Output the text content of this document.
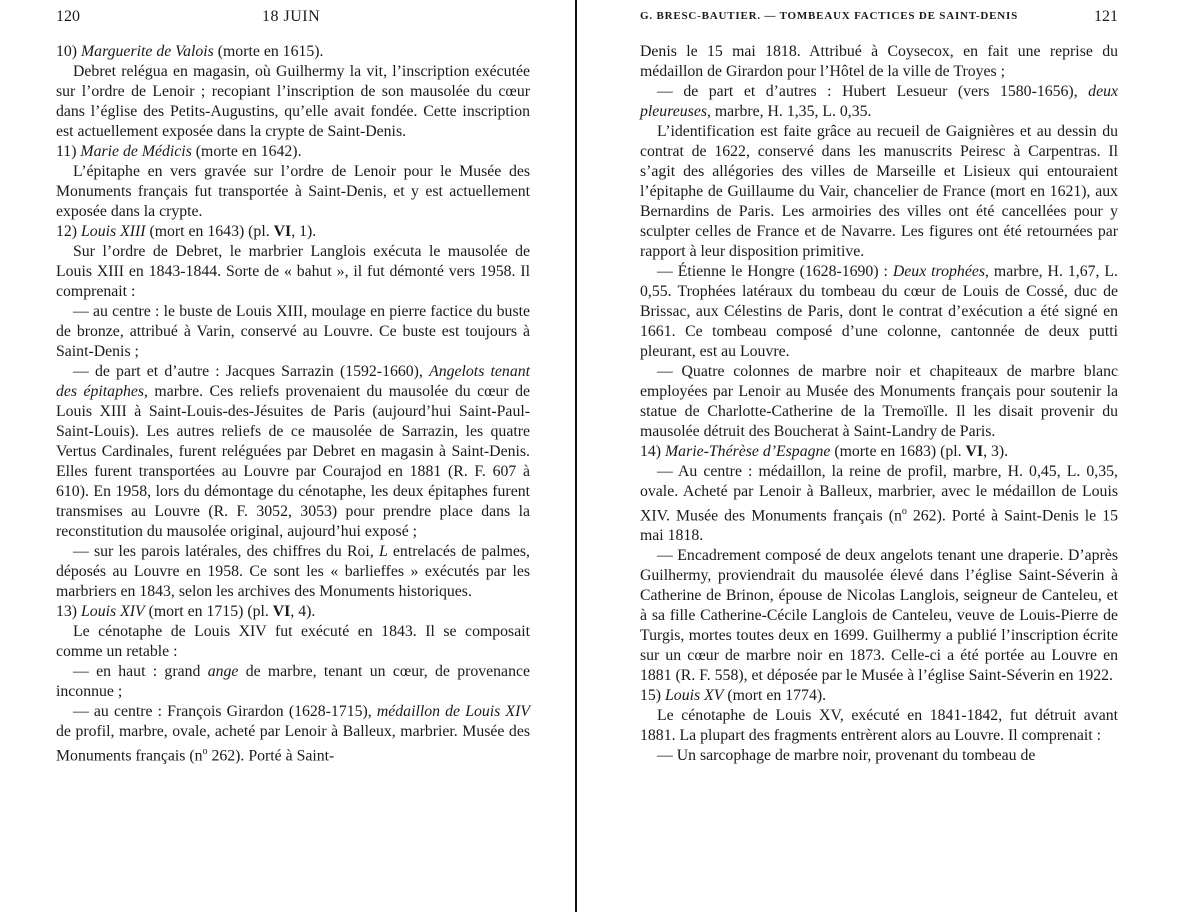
120	18 JUIN

10) Marguerite de Valois (morte en 1615).

Debret relégua en magasin, où Guilhermy la vit, l’inscription exécutée sur l’ordre de Lenoir ; recopiant l’inscription de son mausolée du cœur dans l’église des Petits-Augustins, qu’elle avait fondée. Cette inscription est actuellement exposée dans la crypte de Saint-Denis.

11) Marie de Médicis (morte en 1642).

L’épitaphe en vers gravée sur l’ordre de Lenoir pour le Musée des Monuments français fut transportée à Saint-Denis, et y est actuellement exposée dans la crypte.

12) Louis XIII (mort en 1643) (pl. VI, 1).

Sur l’ordre de Debret, le marbrier Langlois exécuta le mausolée de Louis XIII en 1843-1844. Sorte de « bahut », il fut démonté vers 1958. Il comprenait :

— au centre : le buste de Louis XIII, moulage en pierre factice du buste de bronze, attribué à Varin, conservé au Louvre. Ce buste est toujours à Saint-Denis ;

— de part et d’autre : Jacques Sarrazin (1592-1660), Angelots tenant des épitaphes, marbre. Ces reliefs provenaient du mausolée du cœur de Louis XIII à Saint-Louis-des-Jésuites de Paris (aujourd’hui Saint-Paul-Saint-Louis). Les autres reliefs de ce mausolée de Sarrazin, les quatre Vertus Cardinales, furent reléguées par Debret en magasin à Saint-Denis. Elles furent transportées au Louvre par Courajod en 1881 (R. F. 607 à 610). En 1958, lors du démontage du cénotaphe, les deux épitaphes furent transmises au Louvre (R. F. 3052, 3053) pour prendre place dans la reconstitution du mausolée original, aujourd’hui exposé ;

— sur les parois latérales, des chiffres du Roi, L entrelacés de palmes, déposés au Louvre en 1958. Ce sont les « barlieffes » exécutés par les marbriers en 1843, selon les archives des Monuments historiques.

13) Louis XIV (mort en 1715) (pl. VI, 4).

Le cénotaphe de Louis XIV fut exécuté en 1843. Il se composait comme un retable :

— en haut : grand ange de marbre, tenant un cœur, de provenance inconnue ;

— au centre : François Girardon (1628-1715), médaillon de Louis XIV de profil, marbre, ovale, acheté par Lenoir à Balleux, marbrier. Musée des Monuments français ($n^o$ 262). Porté à Saint-

G. BRESC-BAUTIER. — TOMBEAUX FACTICES DE SAINT-DENIS	121

Denis le 15 mai 1818. Attribué à Coysecox, en fait une reprise du médaillon de Girardon pour l’Hôtel de la ville de Troyes ;

— de part et d’autres : Hubert Lesueur (vers 1580-1656), deux pleureuses, marbre, H. 1,35, L. 0,35.

L’identification est faite grâce au recueil de Gaignières et au dessin du contrat de 1622, conservé dans les manuscrits Peiresc à Carpentras. Il s’agit des allégories des villes de Marseille et Lisieux qui entouraient l’épitaphe de Guillaume du Vair, chancelier de France (mort en 1621), aux Bernardins de Paris. Les armoiries des villes ont été cancellées pour y sculpter celles de France et de Navarre. Les figures ont été retournées par rapport à leur disposition primitive.

— Étienne le Hongre (1628-1690) : Deux trophées, marbre, H. 1,67, L. 0,55. Trophées latéraux du tombeau du cœur de Louis de Cossé, duc de Brissac, aux Célestins de Paris, dont le contrat d’exécution a été signé en 1661. Ce tombeau composé d’une colonne, cantonnée de deux putti pleurant, est au Louvre.

— Quatre colonnes de marbre noir et chapiteaux de marbre blanc employées par Lenoir au Musée des Monuments français pour soutenir la statue de Charlotte-Catherine de la Tremoïlle. Il les disait provenir du mausolée détruit des Boucherat à Saint-Landry de Paris.

14) Marie-Thérèse d’Espagne (morte en 1683) (pl. VI, 3).

— Au centre : médaillon, la reine de profil, marbre, H. 0,45, L. 0,35, ovale. Acheté par Lenoir à Balleux, marbrier, avec le médaillon de Louis XIV. Musée des Monuments français ($n^o$ 262). Porté à Saint-Denis le 15 mai 1818.

— Encadrement composé de deux angelots tenant une draperie. D’après Guilhermy, proviendrait du mausolée élevé dans l’église Saint-Séverin à Catherine de Brinon, épouse de Nicolas Langlois, seigneur de Canteleu, et à sa fille Catherine-Cécile Langlois de Canteleu, veuve de Louis-Pierre de Turgis, mortes toutes deux en 1699. Guilhermy a publié l’inscription écrite sur un cœur de marbre noir en 1873. Celle-ci a été portée au Louvre en 1881 (R. F. 558), et déposée par le Musée à l’église Saint-Séverin en 1922.

15) Louis XV (mort en 1774).

Le cénotaphe de Louis XV, exécuté en 1841-1842, fut détruit avant 1881. La plupart des fragments entrèrent alors au Louvre. Il comprenait :

— Un sarcophage de marbre noir, provenant du tombeau de
